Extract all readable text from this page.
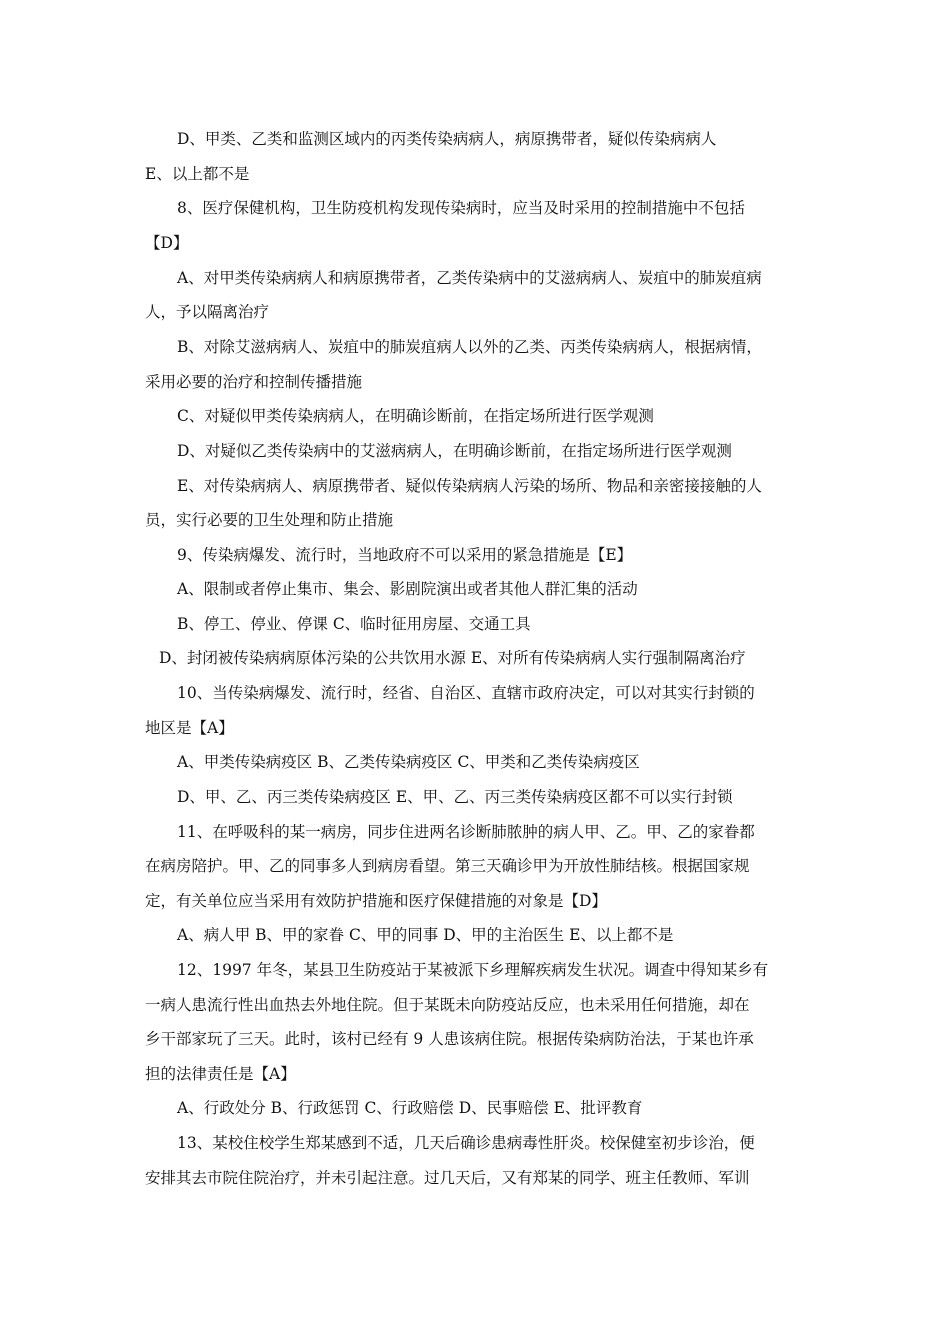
D、甲类、乙类和监测区域内的丙类传染病病人，病原携带者，疑似传染病病人
E、以上都不是
8、医疗保健机构，卫生防疫机构发现传染病时，应当及时采用的控制措施中不包括
【D】
A、对甲类传染病病人和病原携带者，乙类传染病中的艾滋病病人、炭疽中的肺炭疽病
人，予以隔离治疗
B、对除艾滋病病人、炭疽中的肺炭疽病人以外的乙类、丙类传染病病人，根据病情，
采用必要的治疗和控制传播措施
C、对疑似甲类传染病病人，在明确诊断前，在指定场所进行医学观测
D、对疑似乙类传染病中的艾滋病病人，在明确诊断前，在指定场所进行医学观测
E、对传染病病人、病原携带者、疑似传染病病人污染的场所、物品和亲密接接触的人
员，实行必要的卫生处理和防止措施
9、传染病爆发、流行时，当地政府不可以采用的紧急措施是【E】
A、限制或者停止集市、集会、影剧院演出或者其他人群汇集的活动
B、停工、停业、停课 C、临时征用房屋、交通工具
D、封闭被传染病病原体污染的公共饮用水源 E、对所有传染病病人实行强制隔离治疗
10、当传染病爆发、流行时，经省、自治区、直辖市政府决定，可以对其实行封锁的
地区是【A】
A、甲类传染病疫区 B、乙类传染病疫区 C、甲类和乙类传染病疫区
D、甲、乙、丙三类传染病疫区 E、甲、乙、丙三类传染病疫区都不可以实行封锁
11、在呼吸科的某一病房，同步住进两名诊断肺脓肿的病人甲、乙。甲、乙的家眷都
在病房陪护。甲、乙的同事多人到病房看望。第三天确诊甲为开放性肺结核。根据国家规
定，有关单位应当采用有效防护措施和医疗保健措施的对象是【D】
A、病人甲 B、甲的家眷 C、甲的同事 D、甲的主治医生 E、以上都不是
12、1997 年冬，某县卫生防疫站于某被派下乡理解疾病发生状况。调查中得知某乡有
一病人患流行性出血热去外地住院。但于某既未向防疫站反应，也未采用任何措施，却在
乡干部家玩了三天。此时，该村已经有 9 人患该病住院。根据传染病防治法，于某也许承
担的法律责任是【A】
A、行政处分 B、行政惩罚 C、行政赔偿 D、民事赔偿 E、批评教育
13、某校住校学生郑某感到不适，几天后确诊患病毒性肝炎。校保健室初步诊治，便
安排其去市院住院治疗，并未引起注意。过几天后，又有郑某的同学、班主任教师、军训
